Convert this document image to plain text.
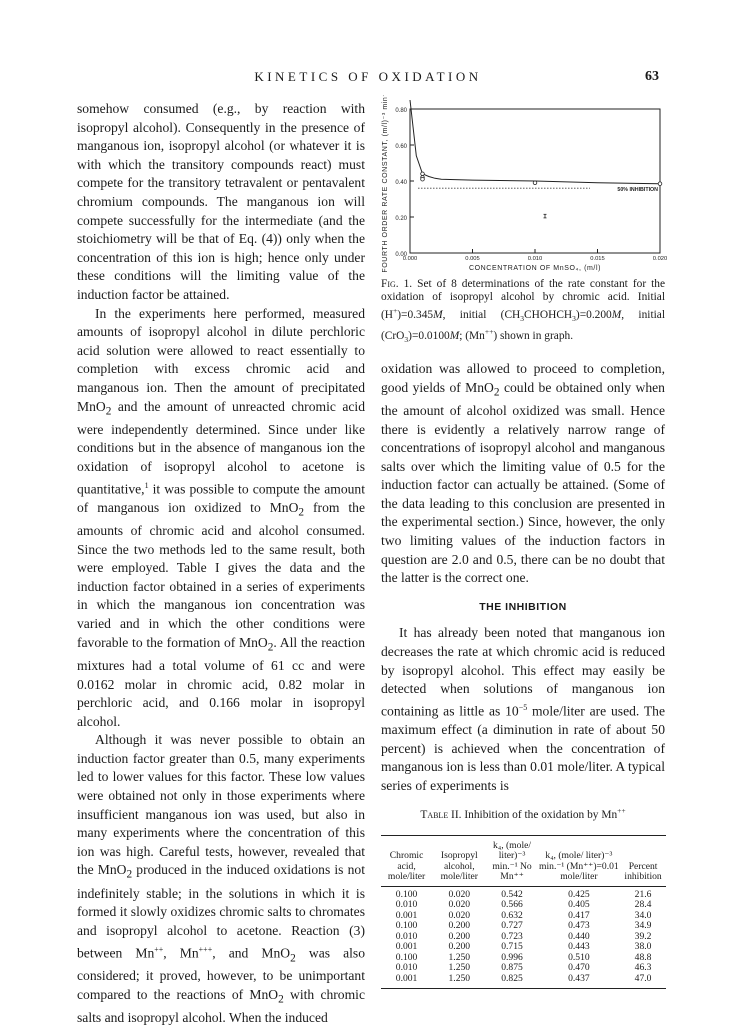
KINETICS OF OXIDATION	63

somehow consumed (e.g., by reaction with isopropyl alcohol). Consequently in the presence of manganous ion, isopropyl alcohol (or whatever it is with which the transitory compounds react) must compete for the transitory tetravalent or pentavalent chromium compounds. The manganous ion will compete successfully for the intermediate (and the stoichiometry will be that of Eq. (4)) only when the concentration of this ion is high; hence only under these conditions will the limiting value of the induction factor be attained.

In the experiments here performed, measured amounts of isopropyl alcohol in dilute perchloric acid solution were allowed to react essentially to completion with excess chromic acid and manganous ion. Then the amount of precipitated MnO$_2$ and the amount of unreacted chromic acid were independently determined. Since under like conditions but in the absence of manganous ion the oxidation of isopropyl alcohol to acetone is quantitative,$^1$ it was possible to compute the amount of manganous ion oxidized to MnO$_2$ from the amounts of chromic acid and alcohol consumed. Since the two methods led to the same result, both were employed. Table I gives the data and the induction factor obtained in a series of experiments in which the manganous ion concentration was varied and in which the other conditions were favorable to the formation of MnO$_2$. All the reaction mixtures had a total volume of 61 cc and were 0.0162 molar in chromic acid, 0.82 molar in perchloric acid, and 0.166 molar in isopropyl alcohol.

Although it was never possible to obtain an induction factor greater than 0.5, many experiments led to lower values for this factor. These low values were obtained not only in those experiments where insufficient manganous ion was used, but also in many experiments where the concentration of this ion was high. Careful tests, however, revealed that the MnO$_2$ produced in the induced oxidations is not indefinitely stable; in the solutions in which it is formed it slowly oxidizes chromic salts to chromates and isopropyl alcohol to acetone. Reaction (3) between Mn++, Mn+++, and MnO$_2$ was also considered; it proved, however, to be unimportant compared to the reactions of MnO$_2$ with chromic salts and isopropyl alcohol. When the induced

0.00
0.20
0.40
0.60
0.80
0.000	0.005	0.010	0.015	0.020
CONCENTRATION OF MnSO₄, (m/l)
FOURTH ORDER RATE CONSTANT, (m/l)⁻³ min⁻¹	50% INHIBITION
Fig. 1. Set of 8 determinations of the rate constant for the oxidation of isopropyl alcohol by chromic acid. Initial (H+)=0.345M, initial $(CH_3CHOHCH_3)=0.200M$, initial (CrO$_3$)=0.0100M; (Mn++) shown in graph.

oxidation was allowed to proceed to completion, good yields of MnO$_2$ could be obtained only when the amount of alcohol oxidized was small. Hence there is evidently a relatively narrow range of concentrations of isopropyl alcohol and manganous salts over which the limiting value of 0.5 for the induction factor can actually be attained. (Some of the data leading to this conclusion are presented in the experimental section.) Since, however, the only two limiting values of the induction factors in question are 2.0 and 0.5, there can be no doubt that the latter is the correct one.

THE INHIBITION

It has already been noted that manganous ion decreases the rate at which chromic acid is reduced by isopropyl alcohol. This effect may easily be detected when solutions of manganous ion containing as little as $10^{-5}$ mole/liter are used. The maximum effect (a diminution in rate of about 50 percent) is achieved when the concentration of manganous ion is less than 0.01 mole/liter. A typical series of experiments is

Table II. Inhibition of the oxidation by Mn++
Chromic acid, mole/liter	Isopropyl alcohol, mole/liter	k₄, (mole/ liter)⁻³ min.⁻¹ No Mn⁺⁺	k₄, (mole/ liter)⁻³ min.⁻¹ (Mn⁺⁺)=0.01 mole/liter	Percent inhibition
0.100	0.020	0.542	0.425	21.6
0.010	0.020	0.566	0.405	28.4
0.001	0.020	0.632	0.417	34.0
0.100	0.200	0.727	0.473	34.9
0.010	0.200	0.723	0.440	39.2
0.001	0.200	0.715	0.443	38.0
0.100	1.250	0.996	0.510	48.8
0.010	1.250	0.875	0.470	46.3
0.001	1.250	0.825	0.437	47.0
